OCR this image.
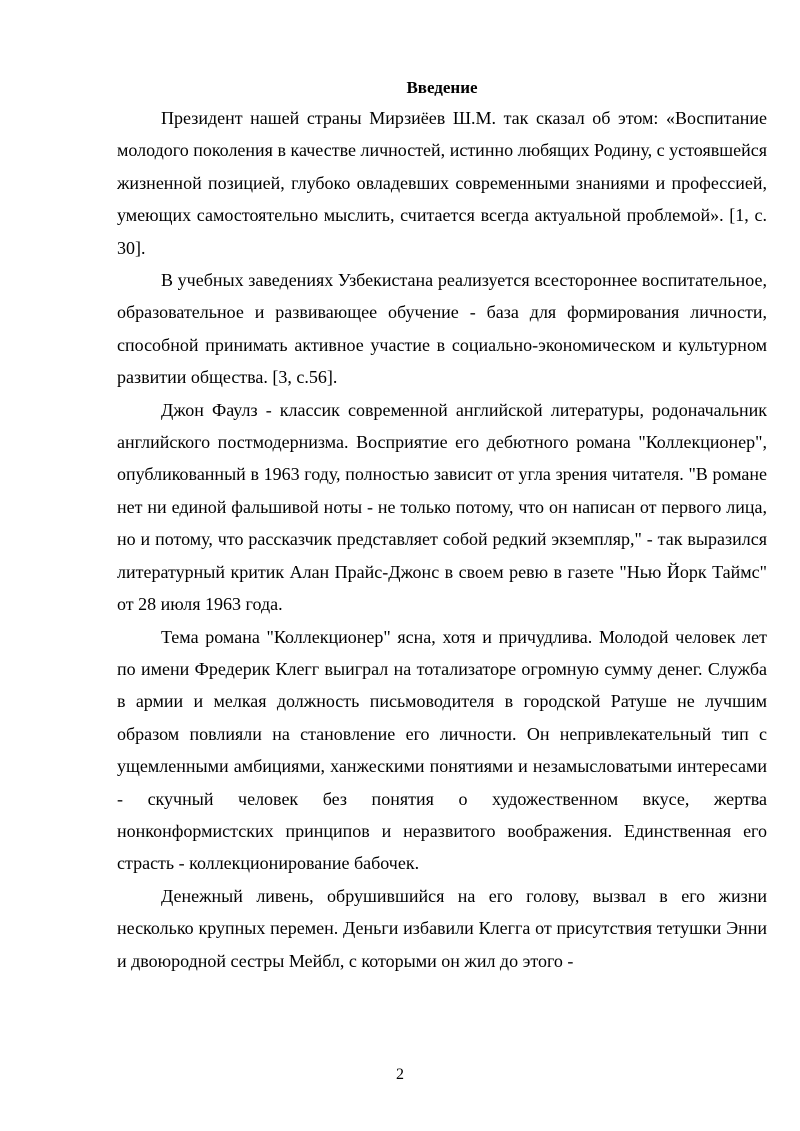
Введение

Президент нашей страны Мирзиёев Ш.М. так сказал об этом: «Воспитание молодого поколения в качестве личностей, истинно любящих Родину, с устоявшейся жизненной позицией, глубоко овладевших современными знаниями и профессией, умеющих самостоятельно мыслить, считается всегда актуальной проблемой». [1, с. 30].

В учебных заведениях Узбекистана реализуется всестороннее воспитательное, образовательное и развивающее обучение - база для формирования личности, способной принимать активное участие в социально-экономическом и культурном развитии общества. [3, с.56].

Джон Фаулз - классик современной английской литературы, родоначальник английского постмодернизма. Восприятие его дебютного романа "Коллекционер", опубликованный в 1963 году, полностью зависит от угла зрения читателя. "В романе нет ни единой фальшивой ноты - не только потому, что он написан от первого лица, но и потому, что рассказчик представляет собой редкий экземпляр," - так выразился литературный критик Алан Прайс-Джонс в своем ревю в газете "Нью Йорк Таймс" от 28 июля 1963 года.

Тема романа "Коллекционер" ясна, хотя и причудлива. Молодой человек лет по имени Фредерик Клегг выиграл на тотализаторе огромную сумму денег. Служба в армии и мелкая должность письмоводителя в городской Ратуше не лучшим образом повлияли на становление его личности. Он непривлекательный тип с ущемленными амбициями, ханжескими понятиями и незамысловатыми интересами - скучный человек без понятия о художественном вкусе, жертва нонконформистских принципов и неразвитого воображения. Единственная его страсть - коллекционирование бабочек.

Денежный ливень, обрушившийся на его голову, вызвал в его жизни несколько крупных перемен. Деньги избавили Клегга от присутствия тетушки Энни и двоюродной сестры Мейбл, с которыми он жил до этого -

2
